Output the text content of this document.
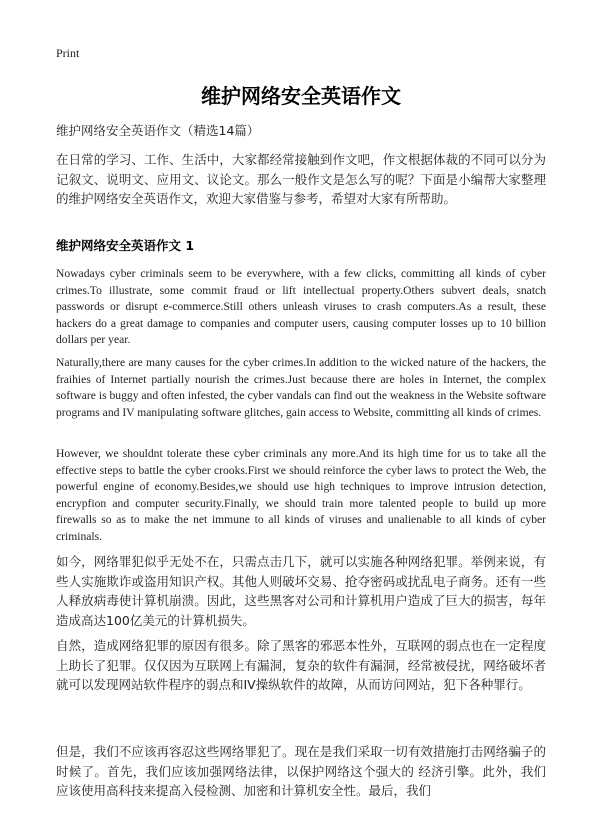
Print
维护网络安全英语作文
维护网络安全英语作文（精选14篇）

在日常的学习、工作、生活中，大家都经常接触到作文吧，作文根据体裁的不同可以分为记叙文、说明文、应用文、议论文。那么一般作文是怎么写的呢？下面是小编帮大家整理的维护网络安全英语作文，欢迎大家借鉴与参考，希望对大家有所帮助。

维护网络安全英语作文 1

Nowadays cyber criminals seem to be everywhere, with a few clicks, committing all kinds of cyber crimes.To illustrate, some commit fraud or lift intellectual property.Others subvert deals, snatch passwords or disrupt e-commerce.Still others unleash viruses to crash computers.As a result, these hackers do a great damage to companies and computer users, causing computer losses up to 10 billion dollars per year.

Naturally,there are many causes for the cyber crimes.In addition to the wicked nature of the hackers, the fraihies of Internet partially nourish the crimes.Just because there are holes in Internet, the complex software is buggy and often infested, the cyber vandals can find out the weakness in the Website software programs and IV manipulating software glitches, gain access to Website, committing all kinds of crimes.

However, we shouldnt tolerate these cyber criminals any more.And its high time for us to take all the effective steps to battle the cyber crooks.First we should reinforce the cyber laws to protect the Web, the powerful engine of economy.Besides,we should use high techniques to improve intrusion detection, encrypfion and computer security.Finally, we should train more talented people to build up more firewalls so as to make the net immune to all kinds of viruses and unalienable to all kinds of cyber criminals.

如今，网络罪犯似乎无处不在，只需点击几下，就可以实施各种网络犯罪。举例来说，有些人实施欺诈或盗用知识产权。其他人则破坏交易、抢夺密码或扰乱电子商务。还有一些人释放病毒使计算机崩溃。因此，这些黑客对公司和计算机用户造成了巨大的损害，每年造成高达100亿美元的计算机损失。

自然，造成网络犯罪的原因有很多。除了黑客的邪恶本性外，互联网的弱点也在一定程度上助长了犯罪。仅仅因为互联网上有漏洞，复杂的软件有漏洞，经常被侵扰，网络破坏者就可以发现网站软件程序的弱点和IV操纵软件的故障，从而访问网站，犯下各种罪行。

但是，我们不应该再容忍这些网络罪犯了。现在是我们采取一切有效措施打击网络骗子的时候了。首先，我们应该加强网络法律，以保护网络这个强大的 经济引擎。此外，我们应该使用高科技来提高入侵检测、加密和计算机安全性。最后，我们
